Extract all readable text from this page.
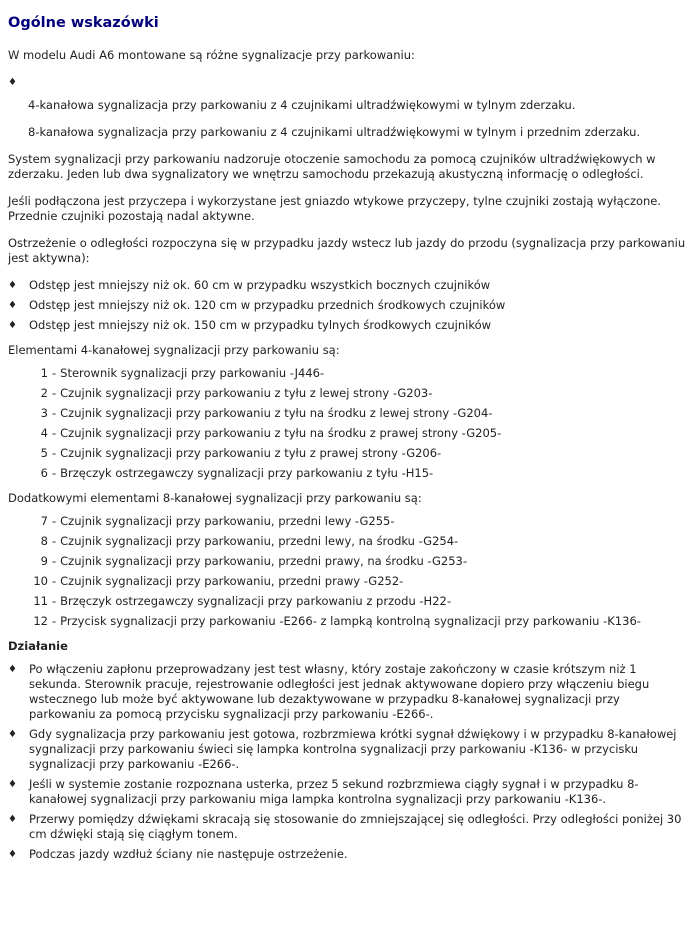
Ogólne wskazówki

W modelu Audi A6 montowane są różne sygnalizacje przy parkowaniu:

♦
4-kanałowa sygnalizacja przy parkowaniu z 4 czujnikami ultradźwiękowymi w tylnym zderzaku.
8-kanałowa sygnalizacja przy parkowaniu z 4 czujnikami ultradźwiękowymi w tylnym i przednim zderzaku.

System sygnalizacji przy parkowaniu nadzoruje otoczenie samochodu za pomocą czujników ultradźwiękowych w zderzaku. Jeden lub dwa sygnalizatory we wnętrzu samochodu przekazują akustyczną informację o odległości.

Jeśli podłączona jest przyczepa i wykorzystane jest gniazdo wtykowe przyczepy, tylne czujniki zostają wyłączone. Przednie czujniki pozostają nadal aktywne.

Ostrzeżenie o odległości rozpoczyna się w przypadku jazdy wstecz lub jazdy do przodu (sygnalizacja przy parkowaniu jest aktywna):

♦ Odstęp jest mniejszy niż ok. 60 cm w przypadku wszystkich bocznych czujników
♦ Odstęp jest mniejszy niż ok. 120 cm w przypadku przednich środkowych czujników
♦ Odstęp jest mniejszy niż ok. 150 cm w przypadku tylnych środkowych czujników

Elementami 4-kanałowej sygnalizacji przy parkowaniu są:

1 - Sterownik sygnalizacji przy parkowaniu -J446-
2 - Czujnik sygnalizacji przy parkowaniu z tyłu z lewej strony -G203-
3 - Czujnik sygnalizacji przy parkowaniu z tyłu na środku z lewej strony -G204-
4 - Czujnik sygnalizacji przy parkowaniu z tyłu na środku z prawej strony -G205-
5 - Czujnik sygnalizacji przy parkowaniu z tyłu z prawej strony -G206-
6 - Brzęczyk ostrzegawczy sygnalizacji przy parkowaniu z tyłu -H15-

Dodatkowymi elementami 8-kanałowej sygnalizacji przy parkowaniu są:

7 - Czujnik sygnalizacji przy parkowaniu, przedni lewy -G255-
8 - Czujnik sygnalizacji przy parkowaniu, przedni lewy, na środku -G254-
9 - Czujnik sygnalizacji przy parkowaniu, przedni prawy, na środku -G253-
10 - Czujnik sygnalizacji przy parkowaniu, przedni prawy -G252-
11 - Brzęczyk ostrzegawczy sygnalizacji przy parkowaniu z przodu -H22-
12 - Przycisk sygnalizacji przy parkowaniu -E266- z lampką kontrolną sygnalizacji przy parkowaniu -K136-
Działanie
♦ Po włączeniu zapłonu przeprowadzany jest test własny, który zostaje zakończony w czasie krótszym niż 1 sekunda. Sterownik pracuje, rejestrowanie odległości jest jednak aktywowane dopiero przy włączeniu biegu wstecznego lub może być aktywowane lub dezaktywowane w przypadku 8-kanałowej sygnalizacji przy parkowaniu za pomocą przycisku sygnalizacji przy parkowaniu -E266-.
♦ Gdy sygnalizacja przy parkowaniu jest gotowa, rozbrzmiewa krótki sygnał dźwiękowy i w przypadku 8-kanałowej sygnalizacji przy parkowaniu świeci się lampka kontrolna sygnalizacji przy parkowaniu -K136- w przycisku sygnalizacji przy parkowaniu -E266-.
♦ Jeśli w systemie zostanie rozpoznana usterka, przez 5 sekund rozbrzmiewa ciągły sygnał i w przypadku 8-kanałowej sygnalizacji przy parkowaniu miga lampka kontrolna sygnalizacji przy parkowaniu -K136-.
♦ Przerwy pomiędzy dźwiękami skracają się stosowanie do zmniejszającej się odległości. Przy odległości poniżej 30 cm dźwięki stają się ciągłym tonem.
♦ Podczas jazdy wzdłuż ściany nie następuje ostrzeżenie.
